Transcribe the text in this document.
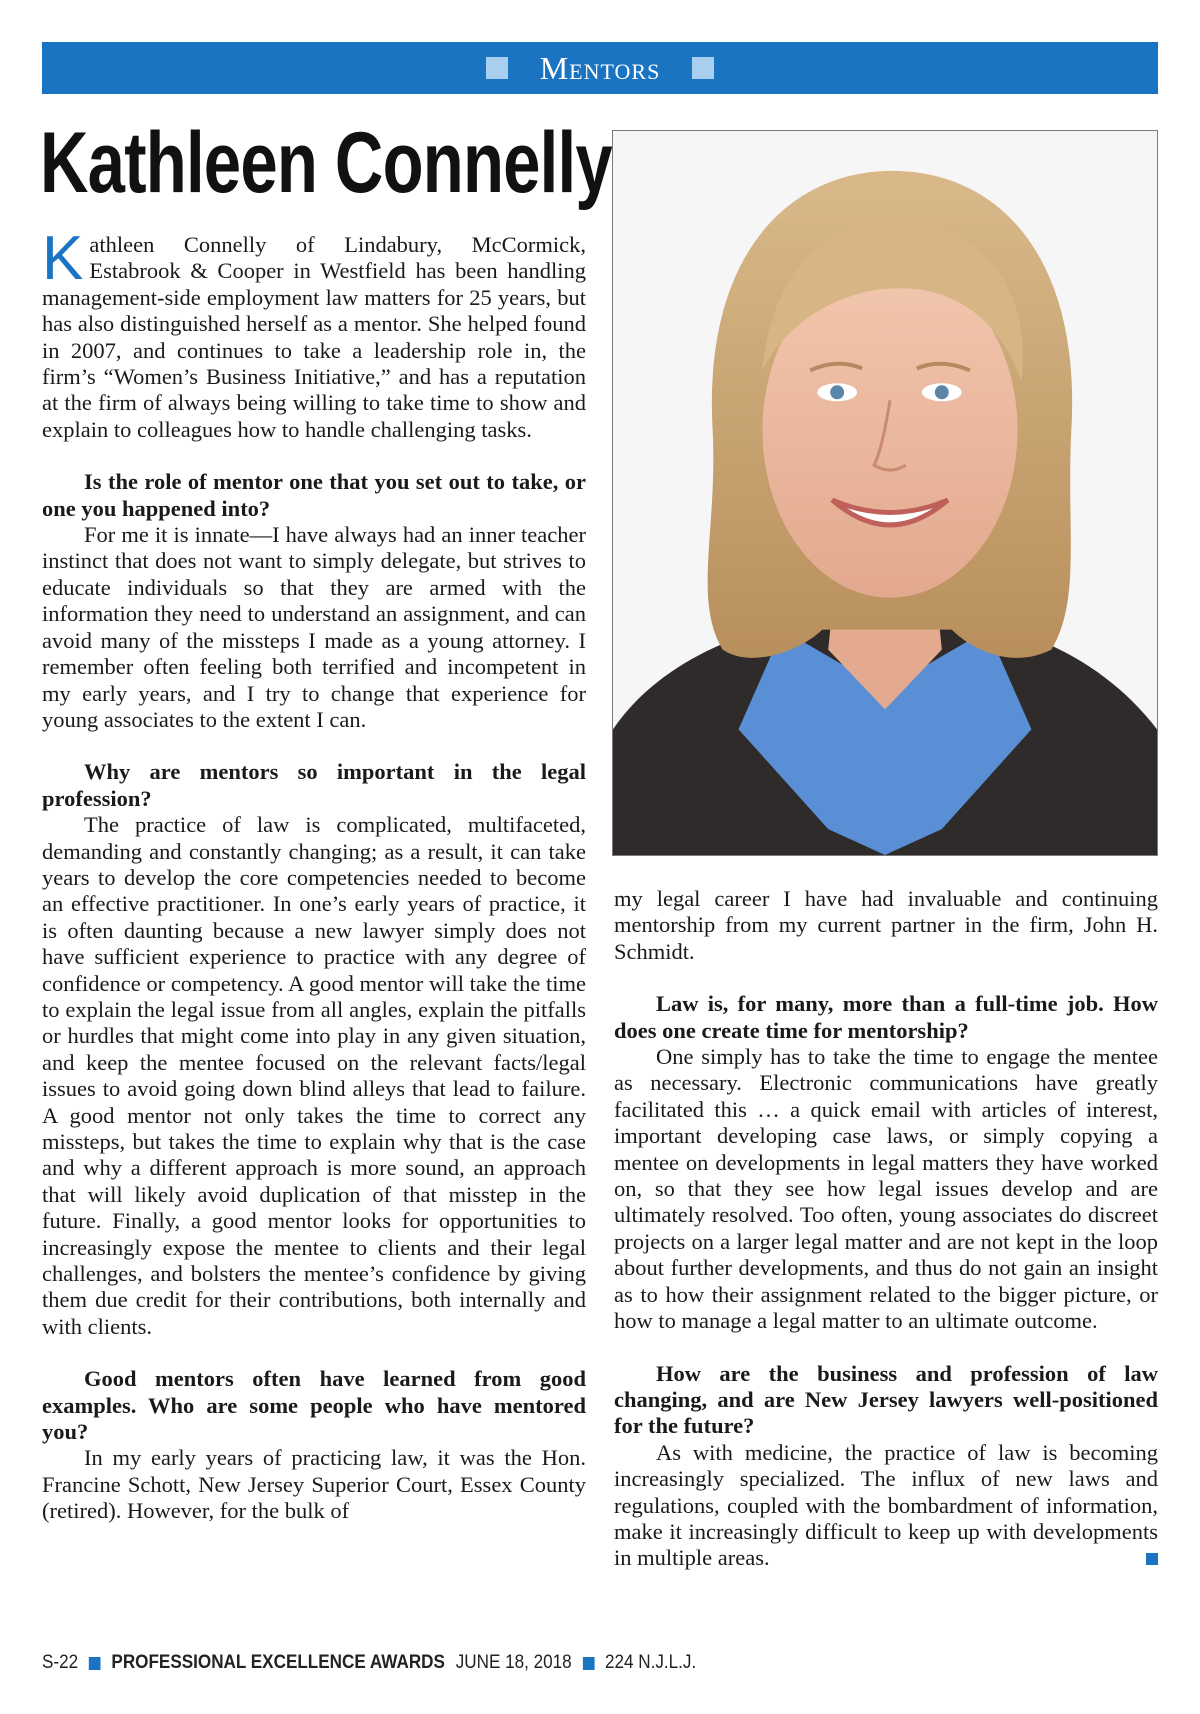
Mentors
Kathleen Connelly

Kathleen Connelly of Lindabury, McCormick, Estabrook & Cooper in Westfield has been handling management-side employment law matters for 25 years, but has also distinguished herself as a mentor. She helped found in 2007, and continues to take a leadership role in, the firm’s “Women’s Business Initiative,” and has a reputation at the firm of always being willing to take time to show and explain to colleagues how to handle challenging tasks.

Is the role of mentor one that you set out to take, or one you happened into?

For me it is innate—I have always had an inner teacher instinct that does not want to simply delegate, but strives to educate individuals so that they are armed with the information they need to understand an assignment, and can avoid many of the missteps I made as a young attorney. I remember often feeling both terrified and incompetent in my early years, and I try to change that experience for young associates to the extent I can.

Why are mentors so important in the legal profession?

The practice of law is complicated, multifaceted, demanding and constantly changing; as a result, it can take years to develop the core competencies needed to become an effective practitioner. In one’s early years of practice, it is often daunting because a new lawyer simply does not have sufficient experience to practice with any degree of confidence or competency. A good mentor will take the time to explain the legal issue from all angles, explain the pitfalls or hurdles that might come into play in any given situation, and keep the mentee focused on the relevant facts/legal issues to avoid going down blind alleys that lead to failure. A good mentor not only takes the time to correct any missteps, but takes the time to explain why that is the case and why a different approach is more sound, an approach that will likely avoid duplication of that misstep in the future. Finally, a good mentor looks for opportunities to increasingly expose the mentee to clients and their legal challenges, and bolsters the mentee’s confidence by giving them due credit for their contributions, both internally and with clients.

Good mentors often have learned from good examples. Who are some people who have mentored you?

In my early years of practicing law, it was the Hon. Francine Schott, New Jersey Superior Court, Essex County (retired). However, for the bulk of

my legal career I have had invaluable and continuing mentorship from my current partner in the firm, John H. Schmidt.

Law is, for many, more than a full-time job. How does one create time for mentorship?

One simply has to take the time to engage the mentee as necessary. Electronic communications have greatly facilitated this … a quick email with articles of interest, important developing case laws, or simply copying a mentee on developments in legal matters they have worked on, so that they see how legal issues develop and are ultimately resolved. Too often, young associates do discreet projects on a larger legal matter and are not kept in the loop about further developments, and thus do not gain an insight as to how their assignment related to the bigger picture, or how to manage a legal matter to an ultimate outcome.

How are the business and profession of law changing, and are New Jersey lawyers well-positioned for the future?

As with medicine, the practice of law is becoming increasingly specialized. The influx of new laws and regulations, coupled with the bombardment of information, make it increasingly difficult to keep up with developments in multiple areas.

S-22 PROFESSIONAL EXCELLENCE AWARDS JUNE 18, 2018 224 N.J.L.J.
